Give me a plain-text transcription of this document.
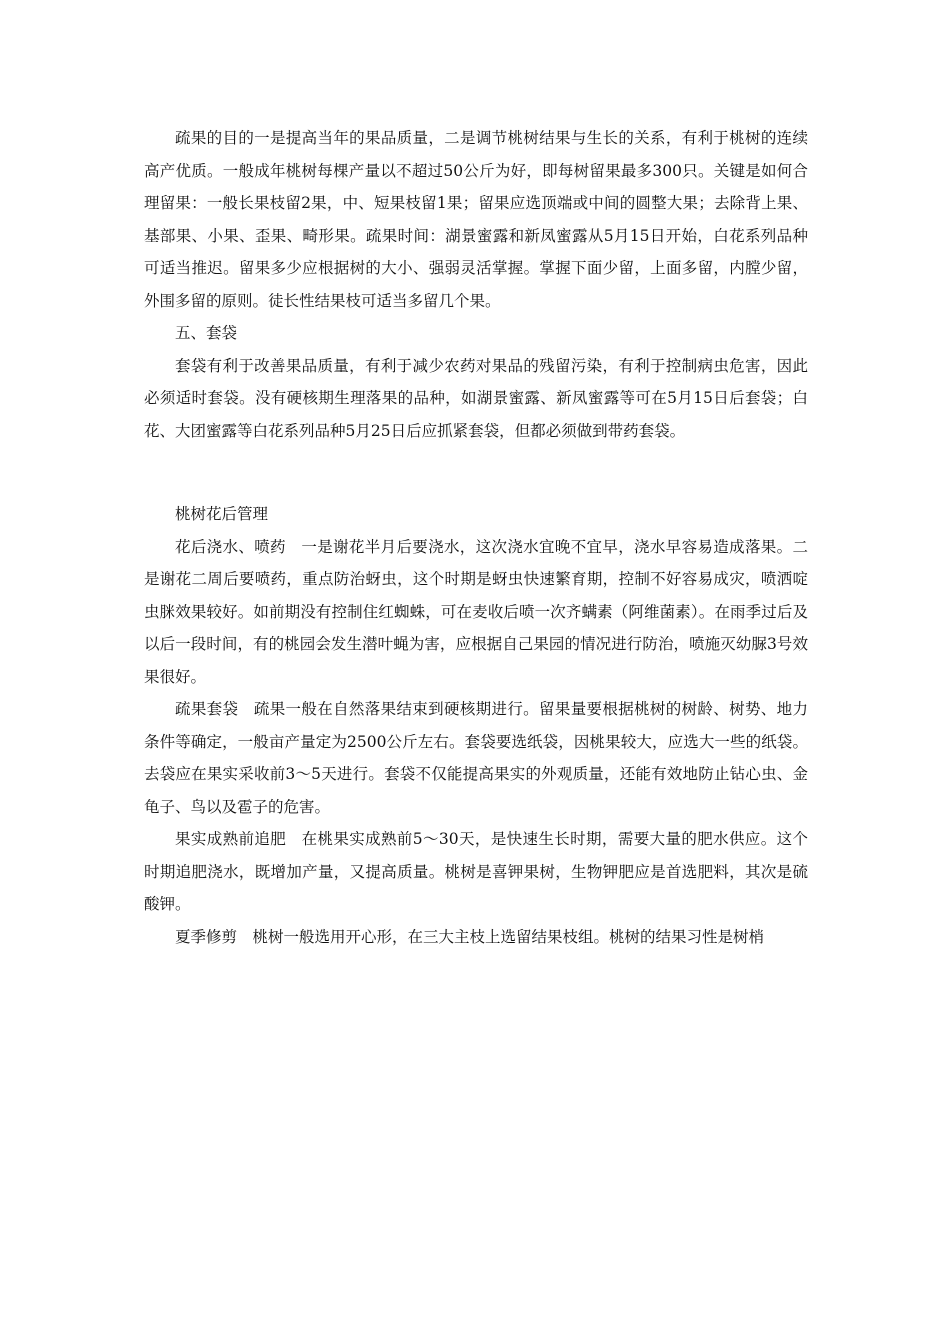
疏果的目的一是提高当年的果品质量，二是调节桃树结果与生长的关系，有利于桃树的连续高产优质。一般成年桃树每棵产量以不超过50公斤为好，即每树留果最多300只。关键是如何合理留果：一般长果枝留2果，中、短果枝留1果；留果应选顶端或中间的圆整大果；去除背上果、基部果、小果、歪果、畸形果。疏果时间：湖景蜜露和新凤蜜露从5月15日开始，白花系列品种可适当推迟。留果多少应根据树的大小、强弱灵活掌握。掌握下面少留，上面多留，内膛少留，外围多留的原则。徒长性结果枝可适当多留几个果。

五、套袋

套袋有利于改善果品质量，有利于减少农药对果品的残留污染，有利于控制病虫危害，因此必须适时套袋。没有硬核期生理落果的品种，如湖景蜜露、新凤蜜露等可在5月15日后套袋；白花、大团蜜露等白花系列品种5月25日后应抓紧套袋，但都必须做到带药套袋。

桃树花后管理

花后浇水、喷药 一是谢花半月后要浇水，这次浇水宜晚不宜早，浇水早容易造成落果。二是谢花二周后要喷药，重点防治蚜虫，这个时期是蚜虫快速繁育期，控制不好容易成灾，喷洒啶虫脒效果较好。如前期没有控制住红蜘蛛，可在麦收后喷一次齐螨素（阿维菌素）。在雨季过后及以后一段时间，有的桃园会发生潜叶蝇为害，应根据自己果园的情况进行防治，喷施灭幼脲3号效果很好。

疏果套袋 疏果一般在自然落果结束到硬核期进行。留果量要根据桃树的树龄、树势、地力条件等确定，一般亩产量定为2500公斤左右。套袋要选纸袋，因桃果较大，应选大一些的纸袋。去袋应在果实采收前3～5天进行。套袋不仅能提高果实的外观质量，还能有效地防止钻心虫、金龟子、鸟以及雹子的危害。

果实成熟前追肥 在桃果实成熟前5～30天，是快速生长时期，需要大量的肥水供应。这个时期追肥浇水，既增加产量，又提高质量。桃树是喜钾果树，生物钾肥应是首选肥料，其次是硫酸钾。

夏季修剪 桃树一般选用开心形，在三大主枝上选留结果枝组。桃树的结果习性是树梢
